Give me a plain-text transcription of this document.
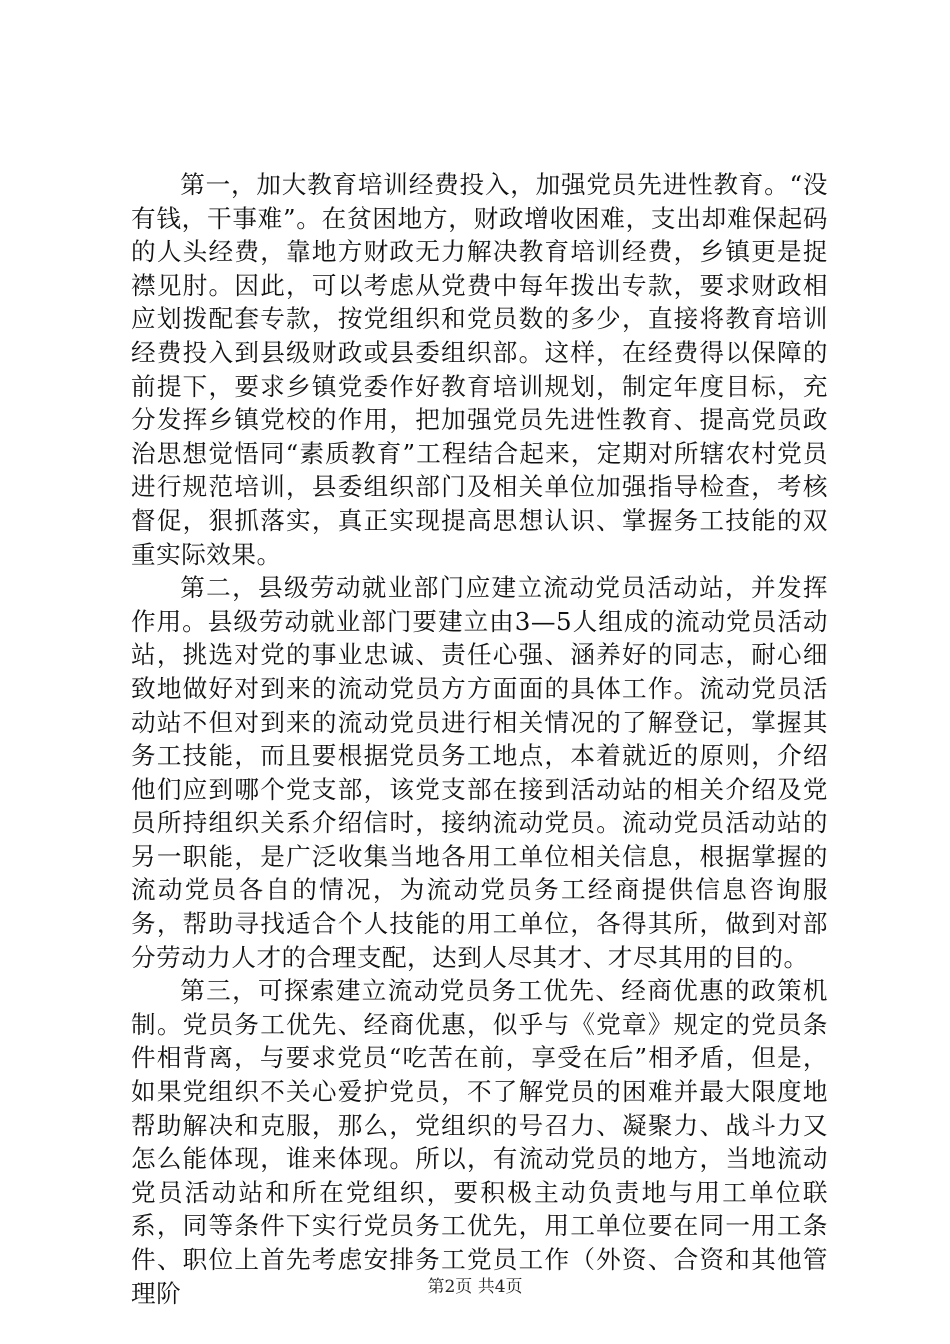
第一，加大教育培训经费投入，加强党员先进性教育。“没有钱，干事难”。在贫困地方，财政增收困难，支出却难保起码的人头经费，靠地方财政无力解决教育培训经费，乡镇更是捉襟见肘。因此，可以考虑从党费中每年拨出专款，要求财政相应划拨配套专款，按党组织和党员数的多少，直接将教育培训经费投入到县级财政或县委组织部。这样，在经费得以保障的前提下，要求乡镇党委作好教育培训规划，制定年度目标，充分发挥乡镇党校的作用，把加强党员先进性教育、提高党员政治思想觉悟同“素质教育”工程结合起来，定期对所辖农村党员进行规范培训，县委组织部门及相关单位加强指导检查，考核督促，狠抓落实，真正实现提高思想认识、掌握务工技能的双重实际效果。

第二，县级劳动就业部门应建立流动党员活动站，并发挥作用。县级劳动就业部门要建立由3—5人组成的流动党员活动站，挑选对党的事业忠诚、责任心强、涵养好的同志，耐心细致地做好对到来的流动党员方方面面的具体工作。流动党员活动站不但对到来的流动党员进行相关情况的了解登记，掌握其务工技能，而且要根据党员务工地点，本着就近的原则，介绍他们应到哪个党支部，该党支部在接到活动站的相关介绍及党员所持组织关系介绍信时，接纳流动党员。流动党员活动站的另一职能，是广泛收集当地各用工单位相关信息，根据掌握的流动党员各自的情况，为流动党员务工经商提供信息咨询服务，帮助寻找适合个人技能的用工单位，各得其所，做到对部分劳动力人才的合理支配，达到人尽其才、才尽其用的目的。

第三，可探索建立流动党员务工优先、经商优惠的政策机制。党员务工优先、经商优惠，似乎与《党章》规定的党员条件相背离，与要求党员“吃苦在前，享受在后”相矛盾，但是，如果党组织不关心爱护党员，不了解党员的困难并最大限度地帮助解决和克服，那么，党组织的号召力、凝聚力、战斗力又怎么能体现，谁来体现。所以，有流动党员的地方，当地流动党员活动站和所在党组织，要积极主动负责地与用工单位联系，同等条件下实行党员务工优先，用工单位要在同一用工条件、职位上首先考虑安排务工党员工作（外资、合资和其他管理阶	第2页 共4页
